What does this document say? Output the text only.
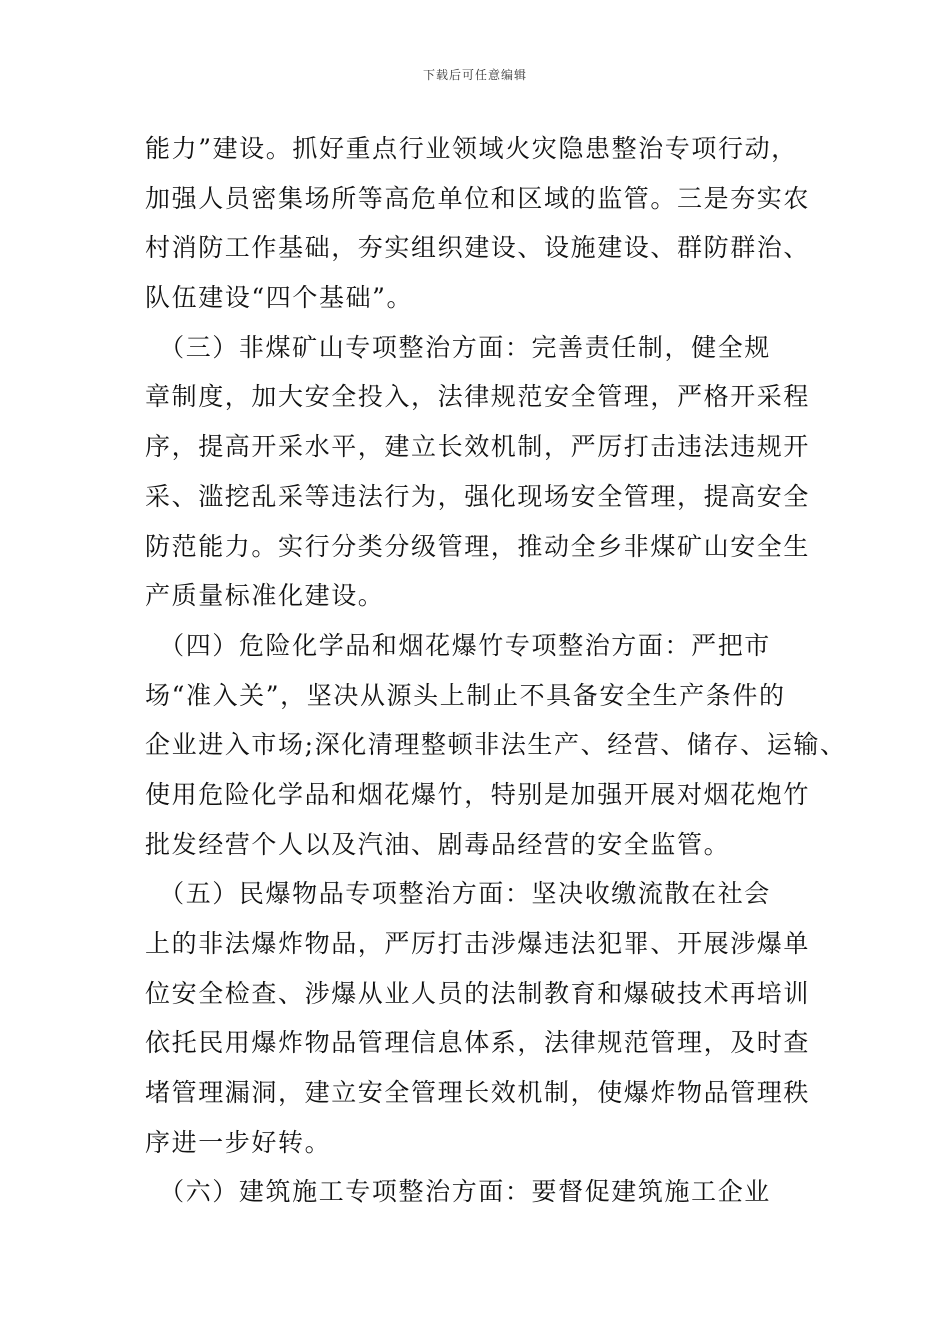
下载后可任意编辑
能力”建设。抓好重点行业领域火灾隐患整治专项行动，
加强人员密集场所等高危单位和区域的监管。三是夯实农
村消防工作基础，夯实组织建设、设施建设、群防群治、
队伍建设“四个基础”。
　（三）非煤矿山专项整治方面：完善责任制，健全规
章制度，加大安全投入，法律规范安全管理，严格开采程
序，提高开采水平，建立长效机制，严厉打击违法违规开
采、滥挖乱采等违法行为，强化现场安全管理，提高安全
防范能力。实行分类分级管理，推动全乡非煤矿山安全生
产质量标准化建设。
　（四）危险化学品和烟花爆竹专项整治方面：严把市
场“准入关”，坚决从源头上制止不具备安全生产条件的
企业进入市场;深化清理整顿非法生产、经营、储存、运输、
使用危险化学品和烟花爆竹，特别是加强开展对烟花炮竹
批发经营个人以及汽油、剧毒品经营的安全监管。
　（五）民爆物品专项整治方面：坚决收缴流散在社会
上的非法爆炸物品，严厉打击涉爆违法犯罪、开展涉爆单
位安全检查、涉爆从业人员的法制教育和爆破技术再培训
依托民用爆炸物品管理信息体系，法律规范管理，及时查
堵管理漏洞，建立安全管理长效机制，使爆炸物品管理秩
序进一步好转。
　（六）建筑施工专项整治方面：要督促建筑施工企业
